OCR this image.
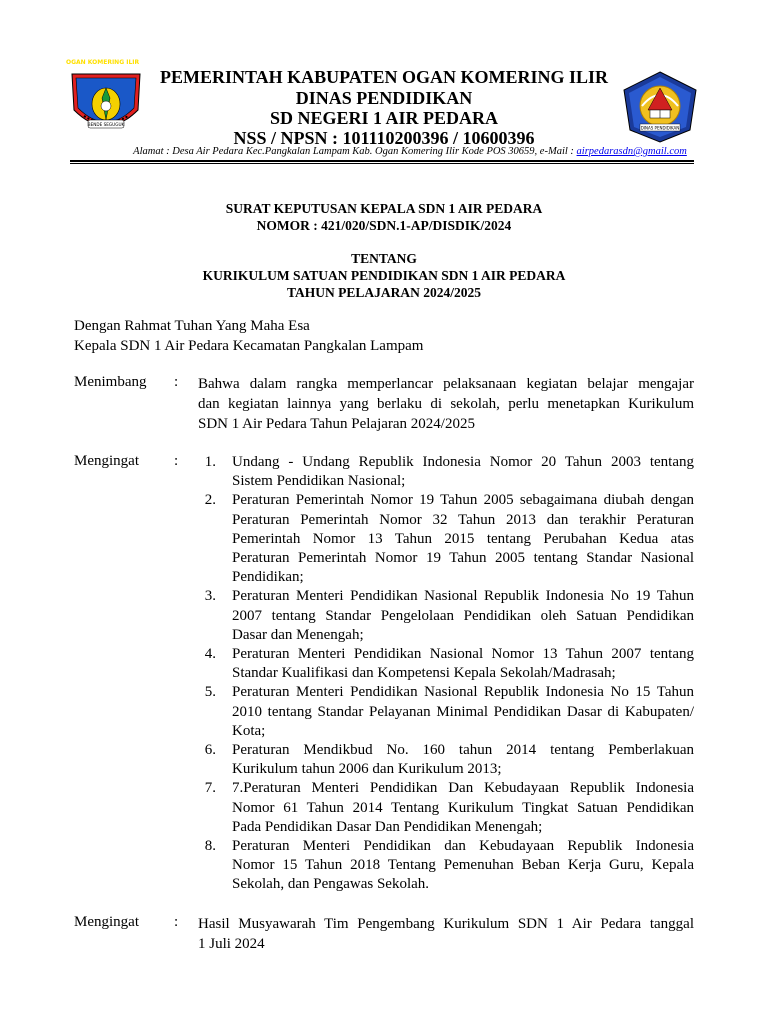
OGAN KOMERING ILIR
BENDE SEGUGUK
DINAS PENDIDIKAN
PEMERINTAH KABUPATEN OGAN KOMERING ILIR
DINAS PENDIDIKAN
SD NEGERI 1 AIR PEDARA
NSS / NPSN : 101110200396 / 10600396
Alamat : Desa Air Pedara Kec.Pangkalan Lampam Kab. Ogan Komering Ilir Kode POS 30659, e-Mail : airpedarasdn@gmail.com
SURAT KEPUTUSAN KEPALA SDN 1 AIR PEDARA
NOMOR : 421/020/SDN.1-AP/DISDIK/2024
TENTANG
KURIKULUM SATUAN PENDIDIKAN SDN 1 AIR PEDARA
TAHUN PELAJARAN 2024/2025
Dengan Rahmat Tuhan Yang Maha Esa
Kepala SDN 1 Air Pedara Kecamatan Pangkalan Lampam
Menimbang : Bahwa dalam rangka memperlancar pelaksanaan kegiatan belajar mengajar
dan kegiatan lainnya yang berlaku di sekolah, perlu menetapkan Kurikulum
SDN 1 Air Pedara Tahun Pelajaran 2024/2025
Mengingat :	1. Undang - Undang Republik Indonesia Nomor 20 Tahun 2003 tentang
Sistem Pendidikan Nasional;
2. Peraturan Pemerintah Nomor 19 Tahun 2005 sebagaimana diubah dengan
Peraturan Pemerintah Nomor 32 Tahun 2013 dan terakhir Peraturan
Pemerintah Nomor 13 Tahun 2015 tentang Perubahan Kedua atas
Peraturan Pemerintah Nomor 19 Tahun 2005 tentang Standar Nasional
Pendidikan;
3. Peraturan Menteri Pendidikan Nasional Republik Indonesia No 19 Tahun
2007 tentang Standar Pengelolaan Pendidikan oleh Satuan Pendidikan
Dasar dan Menengah;
4. Peraturan Menteri Pendidikan Nasional Nomor 13 Tahun 2007 tentang
Standar Kualifikasi dan Kompetensi Kepala Sekolah/Madrasah;
5. Peraturan Menteri Pendidikan Nasional Republik Indonesia No 15 Tahun
2010 tentang Standar Pelayanan Minimal Pendidikan Dasar di Kabupaten/
Kota;
6. Peraturan Mendikbud No. 160 tahun 2014 tentang Pemberlakuan
Kurikulum tahun 2006 dan Kurikulum 2013;
7. 7.Peraturan Menteri Pendidikan Dan Kebudayaan Republik Indonesia
Nomor 61 Tahun 2014 Tentang Kurikulum Tingkat Satuan Pendidikan
Pada Pendidikan Dasar Dan Pendidikan Menengah;
8. Peraturan Menteri Pendidikan dan Kebudayaan Republik Indonesia
Nomor 15 Tahun 2018 Tentang Pemenuhan Beban Kerja Guru, Kepala
Sekolah, dan Pengawas Sekolah.
Mengingat : Hasil Musyawarah Tim Pengembang Kurikulum SDN 1 Air Pedara tanggal
1 Juli 2024
